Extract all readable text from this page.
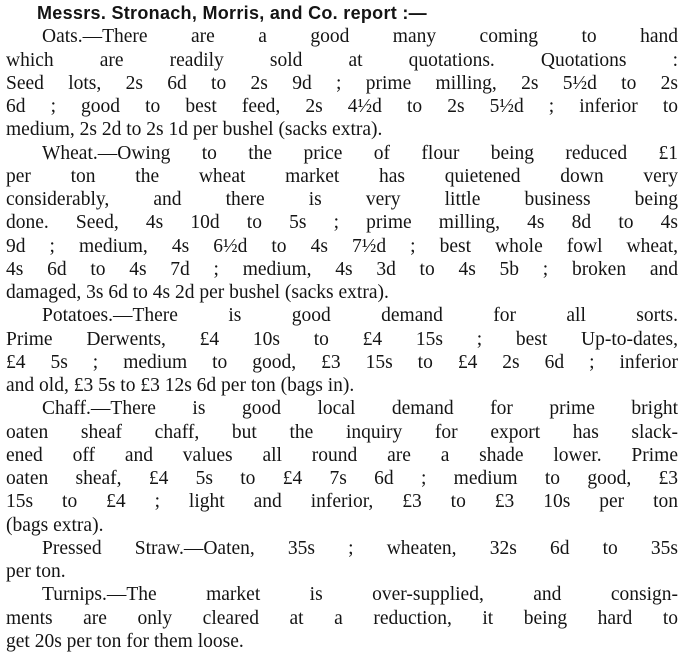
Messrs. Stronach, Morris, and Co. report :—

Oats.—There are a good many coming to hand
which are readily sold at quotations. Quotations :
Seed lots, 2s 6d to 2s 9d ; prime milling, 2s 5½d to 2s
6d ; good to best feed, 2s 4½d to 2s 5½d ; inferior to
medium, 2s 2d to 2s 1d per bushel (sacks extra).

Wheat.—Owing to the price of flour being reduced £1
per ton the wheat market has quietened down very
considerably, and there is very little business being
done. Seed, 4s 10d to 5s ; prime milling, 4s 8d to 4s
9d ; medium, 4s 6½d to 4s 7½d ; best whole fowl wheat,
4s 6d to 4s 7d ; medium, 4s 3d to 4s 5b ; broken and
damaged, 3s 6d to 4s 2d per bushel (sacks extra).

Potatoes.—There is good demand for all sorts.
Prime Derwents, £4 10s to £4 15s ; best Up-to-dates,
£4 5s ; medium to good, £3 15s to £4 2s 6d ; inferior
and old, £3 5s to £3 12s 6d per ton (bags in).

Chaff.—There is good local demand for prime bright
oaten sheaf chaff, but the inquiry for export has slack-
ened off and values all round are a shade lower. Prime
oaten sheaf, £4 5s to £4 7s 6d ; medium to good, £3
15s to £4 ; light and inferior, £3 to £3 10s per ton
(bags extra).

Pressed Straw.—Oaten, 35s ; wheaten, 32s 6d to 35s
per ton.

Turnips.—The market is over-supplied, and consign-
ments are only cleared at a reduction, it being hard to
get 20s per ton for them loose.
